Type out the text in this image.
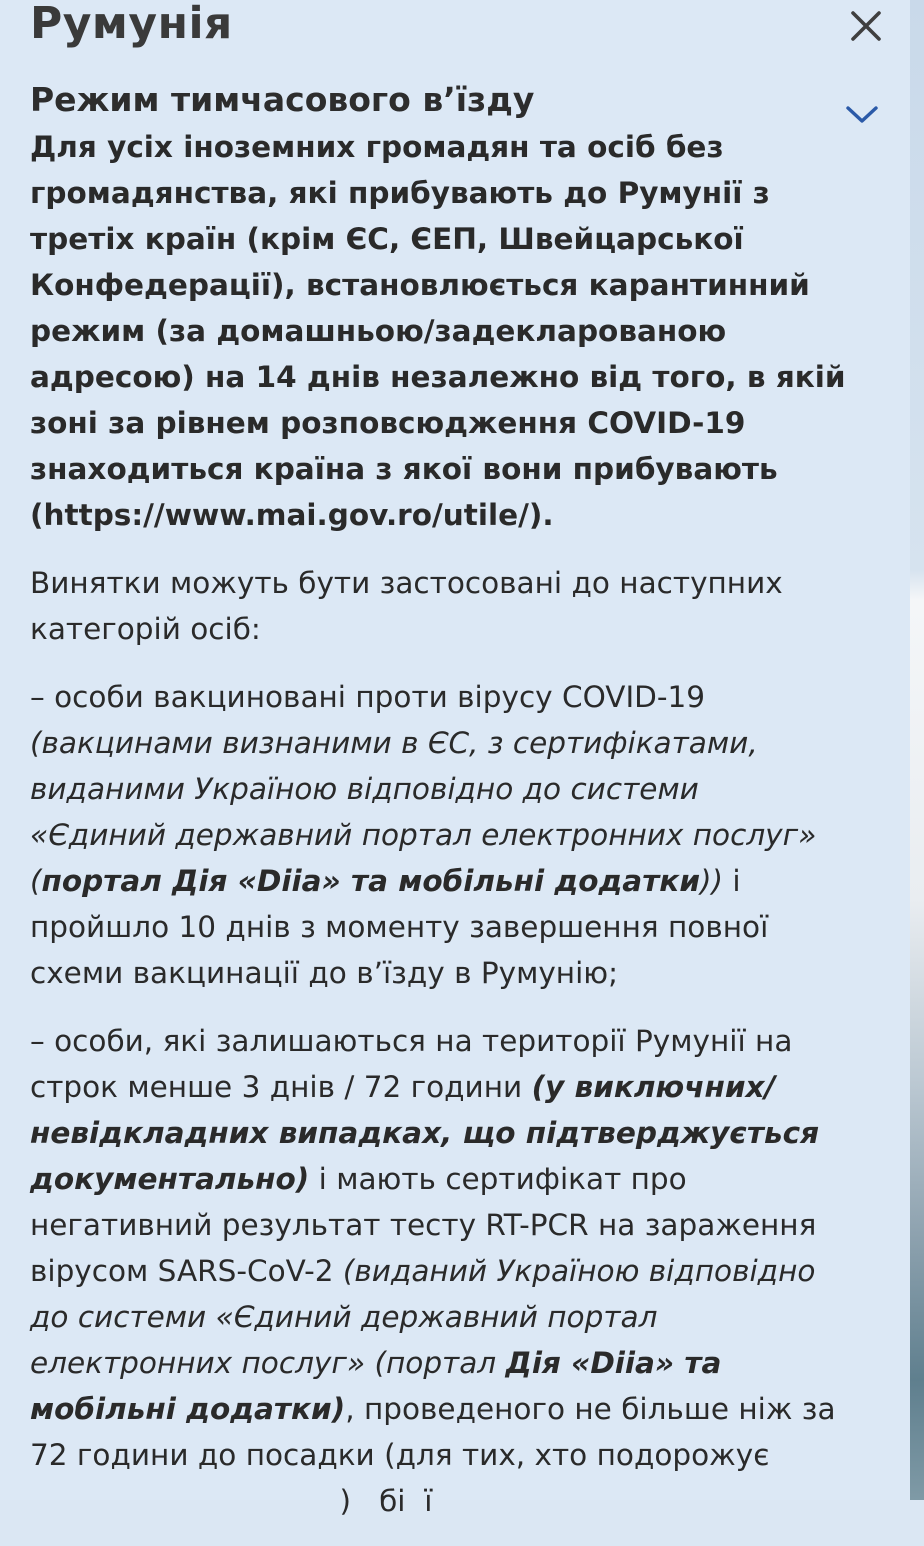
Румунія
Режим тимчасового вʼїзду

Для усіх іноземних громадян та осіб без
громадянства, які прибувають до Румунії з
третіх країн (крім ЄС, ЄЕП, Швейцарської
Конфедерації), встановлюється карантинний
режим (за домашньою/задекларованою
адресою) на 14 днів незалежно від того, в якій
зоні за рівнем розповсюдження COVID-19
знаходиться країна з якої вони прибувають
(https://www.mai.gov.ro/utile/).

Винятки можуть бути застосовані до наступних
категорій осіб:

– особи вакциновані проти вірусу COVID-19
(вакцинами визнаними в ЄС, з сертифікатами,
виданими Україною відповідно до системи
«Єдиний державний портал електронних послуг»
(портал Дія «Diia» та мобільні додатки)) і
пройшло 10 днів з моменту завершення повної
схеми вакцинації до вʼїзду в Румунію;

– особи, які залишаються на території Румунії на
строк менше 3 днів / 72 години (у виключних/
невідкладних випадках, що підтверджується
документально) і мають сертифікат про
негативний результат тесту RT-PCR на зараження
вірусом SARS-CoV-2 (виданий Україною відповідно
до системи «Єдиний державний портал
електронних послуг» (портал Дія «Diia» та
мобільні додатки), проведеного не більше ніж за
72 години до посадки (для тих, хто подорожує
)   бі  ї
